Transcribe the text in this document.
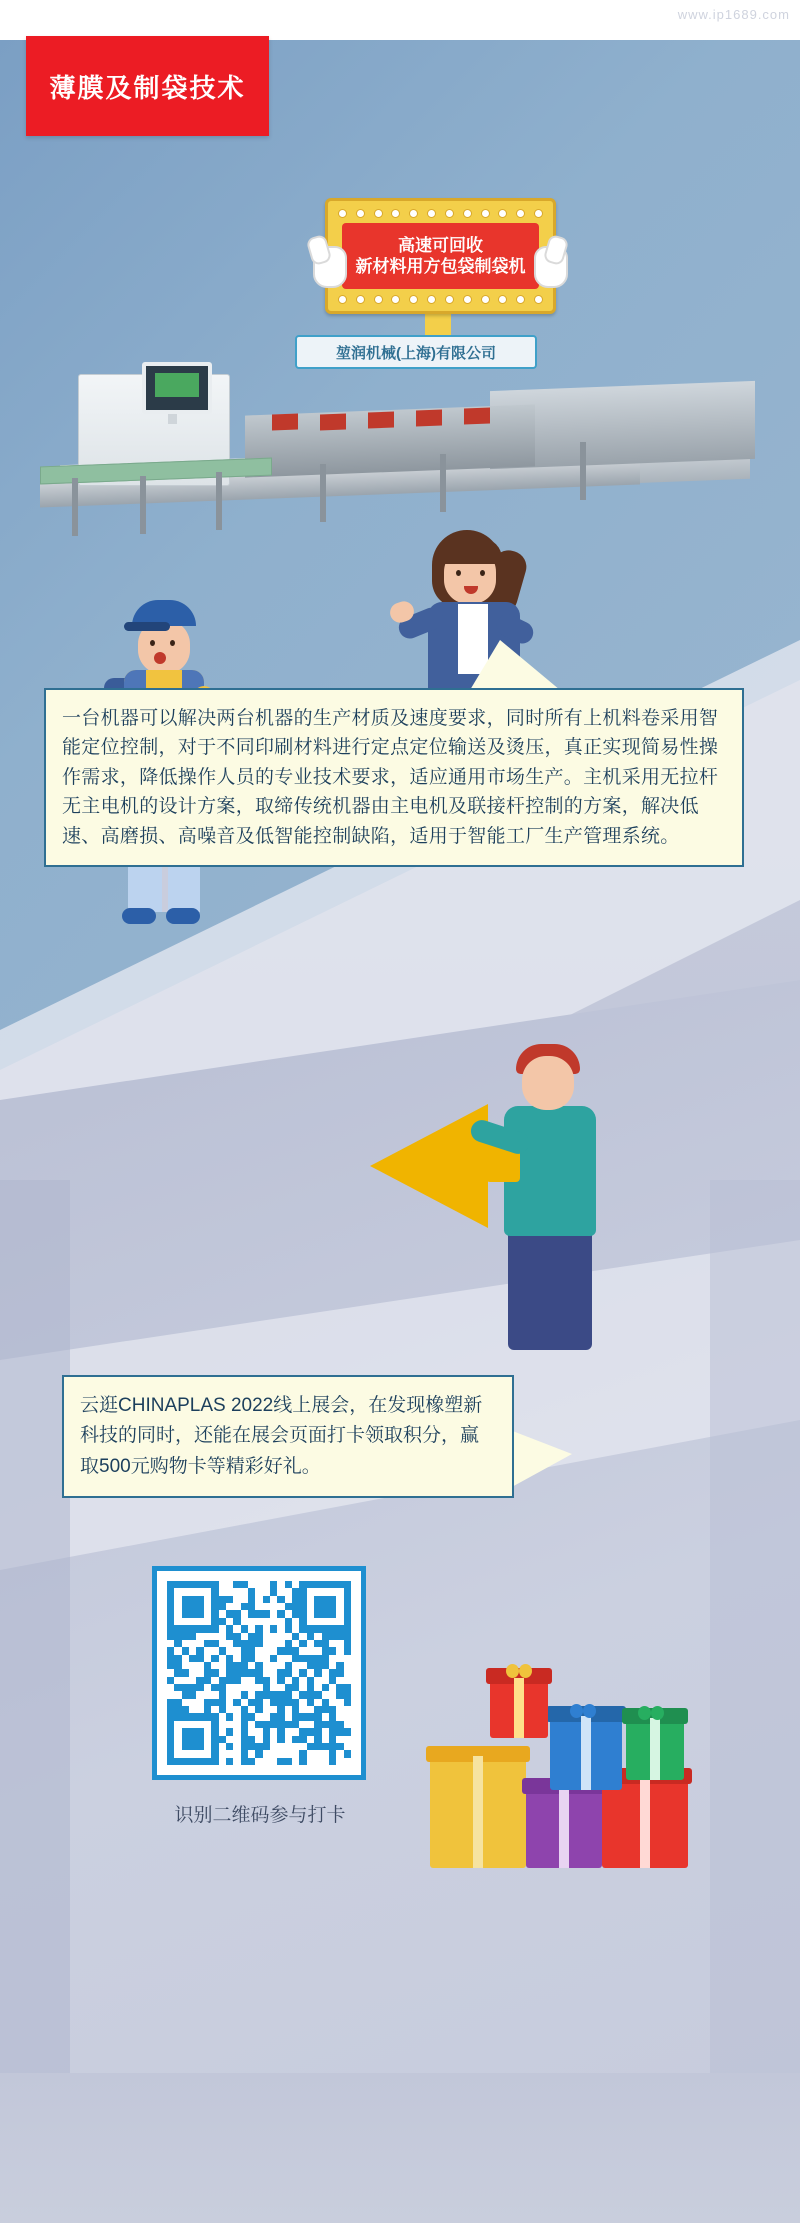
www.ip1689.com
薄膜及制袋技术
高速可回收
新材料用方包袋制袋机
堃润机械(上海)有限公司
一台机器可以解决两台机器的生产材质及速度要求，同时所有上机料卷采用智能定位控制，对于不同印刷材料进行定点定位输送及烫压，真正实现简易性操作需求，降低操作人员的专业技术要求，适应通用市场生产。主机采用无拉杆无主电机的设计方案，取缔传统机器由主电机及联接杆控制的方案，解决低速、高磨损、高噪音及低智能控制缺陷，适用于智能工厂生产管理系统。
云逛CHINAPLAS 2022线上展会，在发现橡塑新科技的同时，还能在展会页面打卡领取积分，赢取500元购物卡等精彩好礼。
识别二维码参与打卡
